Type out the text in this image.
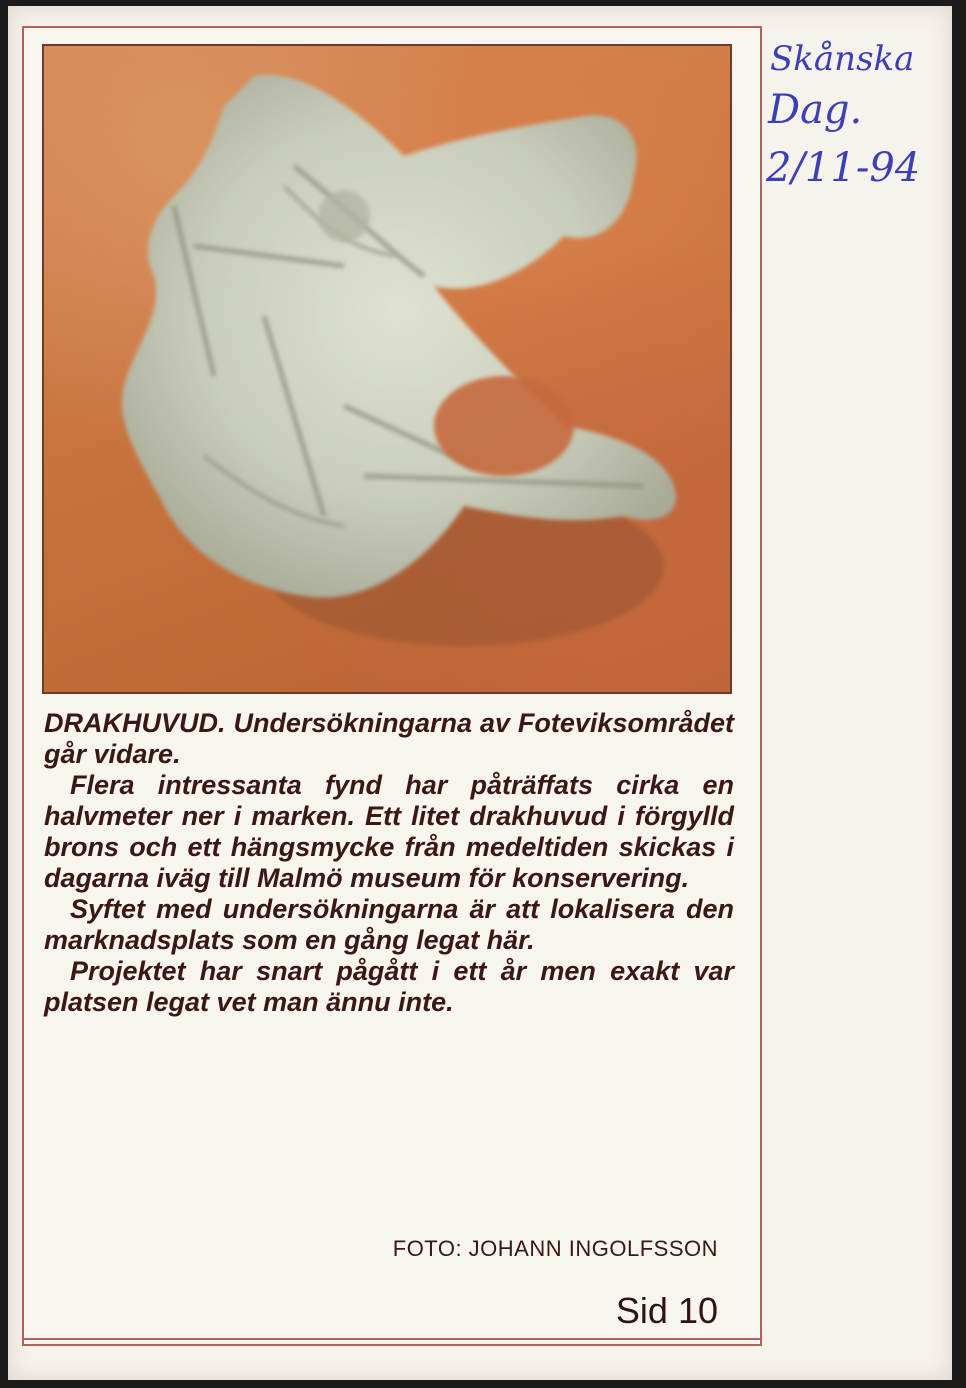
DRAKHUVUD. Undersökningarna av Foteviksområdet går vidare.

Flera intressanta fynd har påträffats cirka en halvmeter ner i marken. Ett litet drakhuvud i förgylld brons och ett hängsmycke från medeltiden skickas i dagarna iväg till Malmö museum för konservering.

Syftet med undersökningarna är att lokalisera den marknadsplats som en gång legat här.

Projektet har snart pågått i ett år men exakt var platsen legat vet man ännu inte.

FOTO: JOHANN INGOLFSSON
Sid 10
Skånska
Dag.
2/11-94
